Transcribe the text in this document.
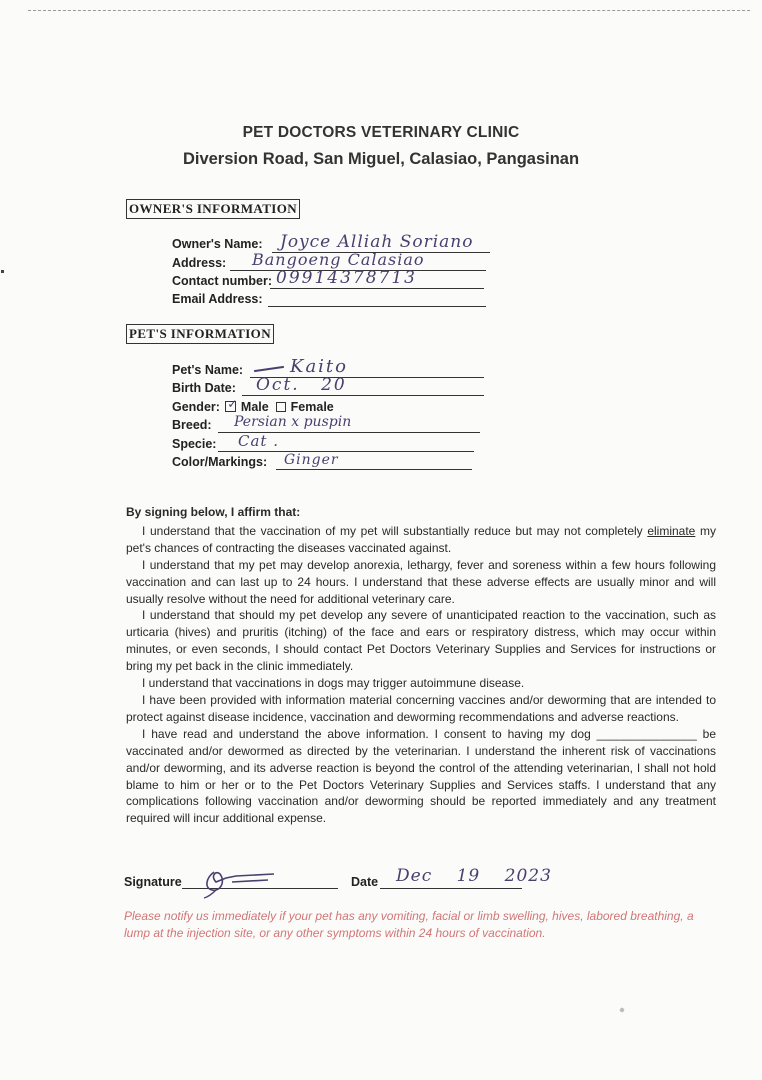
PET DOCTORS VETERINARY CLINIC
Diversion Road, San Miguel, Calasiao, Pangasinan
OWNER'S INFORMATION
Owner's Name: Joyce Alliah Soriano
Address: Bangoeng Calasiao
Contact number: 09914378713
Email Address:
PET'S INFORMATION
Pet's Name:	Kaito
Birth Date: Oct. 20
Gender: ✓ Male Female
Breed: Persian x puspin
Specie: Cat .
Color/Markings: Ginger

By signing below, I affirm that:

I understand that the vaccination of my pet will substantially reduce but may not completely eliminate my pet's chances of contracting the diseases vaccinated against.

I understand that my pet may develop anorexia, lethargy, fever and soreness within a few hours following vaccination and can last up to 24 hours. I understand that these adverse effects are usually minor and will usually resolve without the need for additional veterinary care.

I understand that should my pet develop any severe of unanticipated reaction to the vaccination, such as urticaria (hives) and pruritis (itching) of the face and ears or respiratory distress, which may occur within minutes, or even seconds, I should contact Pet Doctors Veterinary Supplies and Services for instructions or bring my pet back in the clinic immediately.

I understand that vaccinations in dogs may trigger autoimmune disease.

I have been provided with information material concerning vaccines and/or deworming that are intended to protect against disease incidence, vaccination and deworming recommendations and adverse reactions.

I have read and understand the above information. I consent to having my dog _______________ be vaccinated and/or dewormed as directed by the veterinarian. I understand the inherent risk of vaccinations and/or deworming, and its adverse reaction is beyond the control of the attending veterinarian, I shall not hold blame to him or her or to the Pet Doctors Veterinary Supplies and Services staffs. I understand that any complications following vaccination and/or deworming should be reported immediately and any treatment required will incur additional expense.

Signature	Date Dec 19 2023
Please notify us immediately if your pet has any vomiting, facial or limb swelling, hives, labored breathing, a lump at the injection site, or any other symptoms within 24 hours of vaccination.
